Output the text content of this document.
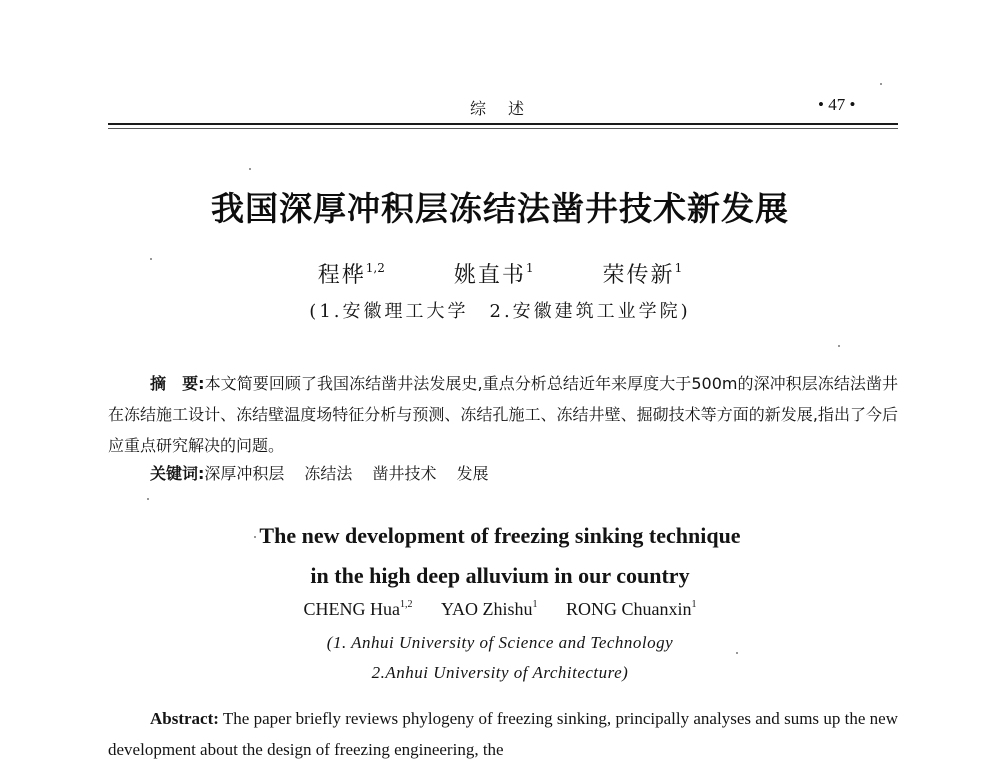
综述	• 47 •
我国深厚冲积层冻结法凿井技术新发展
程桦$^{1,2}$	姚直书$^1$	荣传新$^1$
(1.安徽理工大学　2.安徽建筑工业学院)
摘　要:本文简要回顾了我国冻结凿井法发展史,重点分析总结近年来厚度大于500m的深冲积层冻结法凿井在冻结施工设计、冻结壁温度场特征分析与预测、冻结孔施工、冻结井壁、掘砌技术等方面的新发展,指出了今后应重点研究解决的问题。
关键词:深厚冲积层 冻结法 凿井技术 发展
The new development of freezing sinking technique
in the high deep alluvium in our country
CHENG Hua$^{1,2}$ YAO Zhishu$^1$ RONG Chuanxin$^1$
(1. Anhui University of Science and Technology
2.Anhui University of Architecture)
Abstract: The paper briefly reviews phylogeny of freezing sinking, principally analyses and sums up the new development about the design of freezing engineering, the
